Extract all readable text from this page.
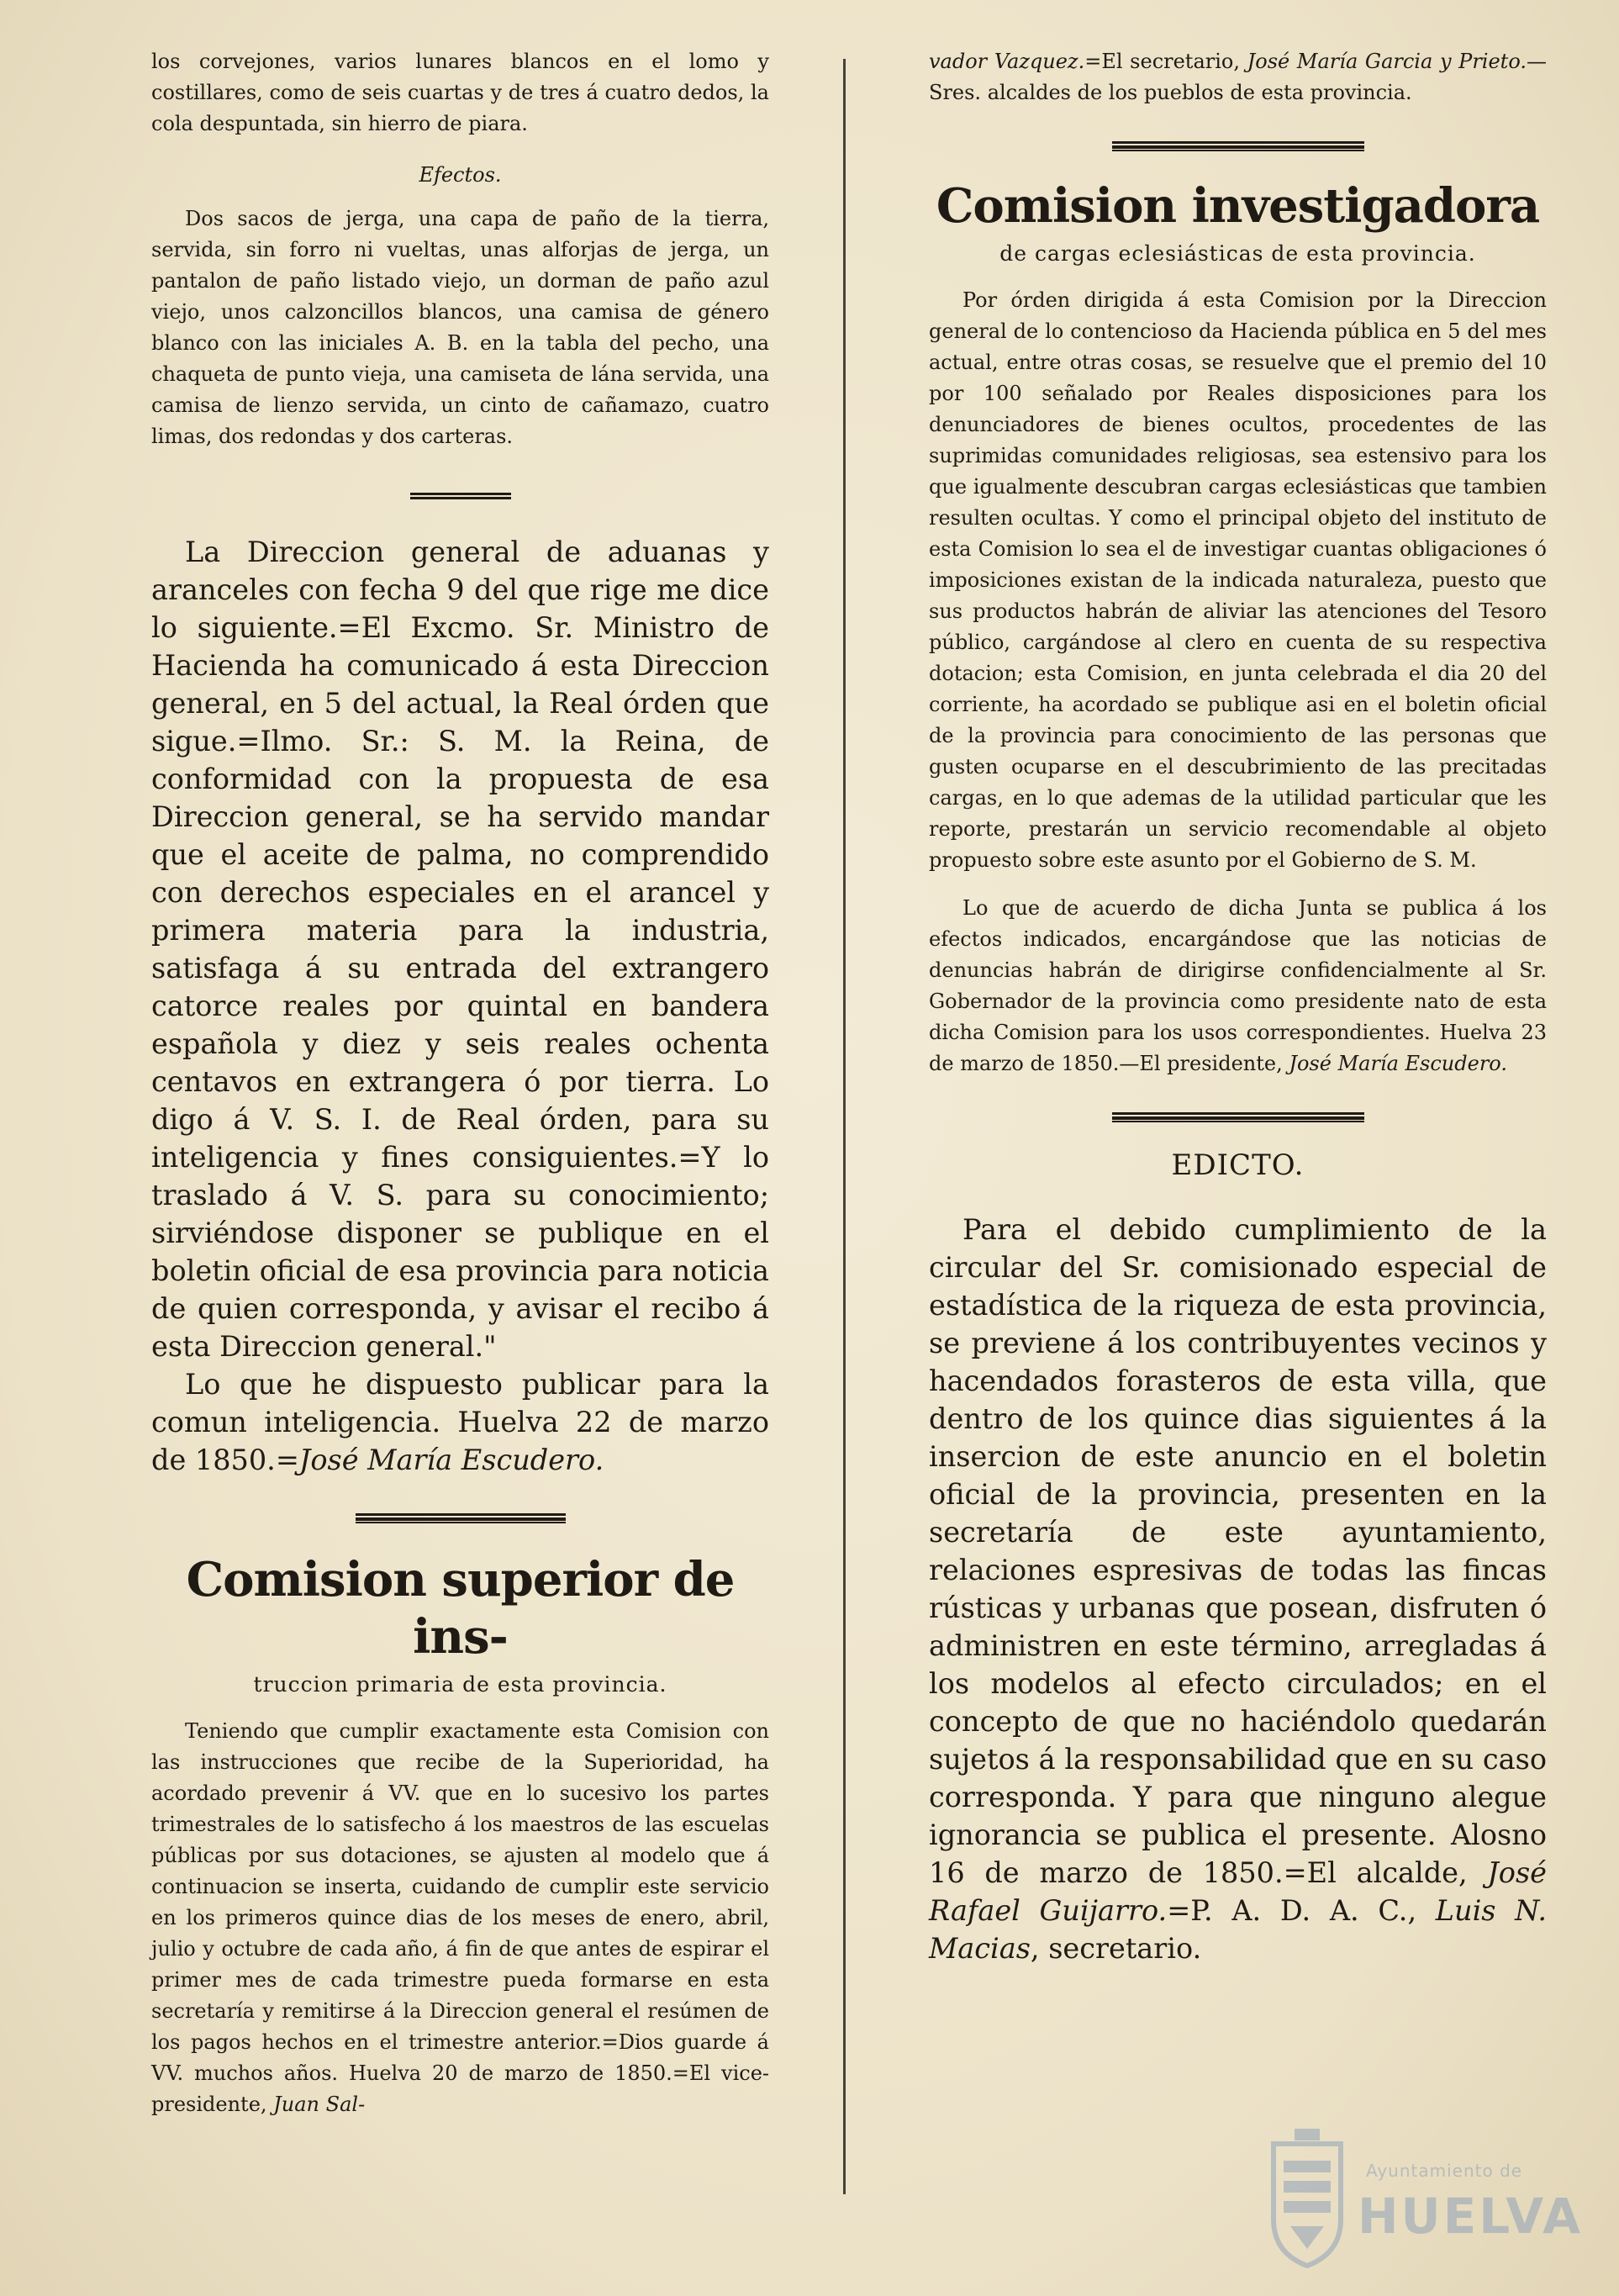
los corvejones, varios lunares blancos en el lomo y costillares, como de seis cuartas y de tres á cuatro dedos, la cola despuntada, sin hierro de piara.

Efectos.

Dos sacos de jerga, una capa de paño de la tierra, servida, sin forro ni vueltas, unas alforjas de jerga, un pantalon de paño listado viejo, un dorman de paño azul viejo, unos calzoncillos blancos, una camisa de género blanco con las iniciales A. B. en la tabla del pecho, una chaqueta de punto vieja, una camiseta de lána servida, una camisa de lienzo servida, un cinto de cañamazo, cuatro limas, dos redondas y dos carteras.

La Direccion general de aduanas y aranceles con fecha 9 del que rige me dice lo siguiente.=El Excmo. Sr. Ministro de Hacienda ha comunicado á esta Direccion general, en 5 del actual, la Real órden que sigue.=Ilmo. Sr.: S. M. la Reina, de conformidad con la propuesta de esa Direccion general, se ha servido mandar que el aceite de palma, no comprendido con derechos especiales en el arancel y primera materia para la industria, satisfaga á su entrada del extrangero catorce reales por quintal en bandera española y diez y seis reales ochenta centavos en extrangera ó por tierra. Lo digo á V. S. I. de Real órden, para su inteligencia y fines consiguientes.=Y lo traslado á V. S. para su conocimiento; sirviéndose disponer se publique en el boletin oficial de esa provincia para noticia de quien corresponda, y avisar el recibo á esta Direccion general."

Lo que he dispuesto publicar para la comun inteligencia. Huelva 22 de marzo de 1850.=José María Escudero.

Comision superior de ins-
truccion primaria de esta provincia.

Teniendo que cumplir exactamente esta Comision con las instrucciones que recibe de la Superioridad, ha acordado prevenir á VV. que en lo sucesivo los partes trimestrales de lo satisfecho á los maestros de las escuelas públicas por sus dotaciones, se ajusten al modelo que á continuacion se inserta, cuidando de cumplir este servicio en los primeros quince dias de los meses de enero, abril, julio y octubre de cada año, á fin de que antes de espirar el primer mes de cada trimestre pueda formarse en esta secretaría y remitirse á la Direccion general el resúmen de los pagos hechos en el trimestre anterior.=Dios guarde á VV. muchos años. Huelva 20 de marzo de 1850.=El vice-presidente, Juan Sal-

vador Vazquez.=El secretario, José María Garcia y Prieto.—Sres. alcaldes de los pueblos de esta provincia.

Comision investigadora
de cargas eclesiásticas de esta provincia.

Por órden dirigida á esta Comision por la Direccion general de lo contencioso da Hacienda pública en 5 del mes actual, entre otras cosas, se resuelve que el premio del 10 por 100 señalado por Reales disposiciones para los denunciadores de bienes ocultos, procedentes de las suprimidas comunidades religiosas, sea estensivo para los que igualmente descubran cargas eclesiásticas que tambien resulten ocultas. Y como el principal objeto del instituto de esta Comision lo sea el de investigar cuantas obligaciones ó imposiciones existan de la indicada naturaleza, puesto que sus productos habrán de aliviar las atenciones del Tesoro público, cargándose al clero en cuenta de su respectiva dotacion; esta Comision, en junta celebrada el dia 20 del corriente, ha acordado se publique asi en el boletin oficial de la provincia para conocimiento de las personas que gusten ocuparse en el descubrimiento de las precitadas cargas, en lo que ademas de la utilidad particular que les reporte, prestarán un servicio recomendable al objeto propuesto sobre este asunto por el Gobierno de S. M.

Lo que de acuerdo de dicha Junta se publica á los efectos indicados, encargándose que las noticias de denuncias habrán de dirigirse confidencialmente al Sr. Gobernador de la provincia como presidente nato de esta dicha Comision para los usos correspondientes. Huelva 23 de marzo de 1850.—El presidente, José María Escudero.

EDICTO.

Para el debido cumplimiento de la circular del Sr. comisionado especial de estadística de la riqueza de esta provincia, se previene á los contribuyentes vecinos y hacendados forasteros de esta villa, que dentro de los quince dias siguientes á la insercion de este anuncio en el boletin oficial de la provincia, presenten en la secretaría de este ayuntamiento, relaciones espresivas de todas las fincas rústicas y urbanas que posean, disfruten ó administren en este término, arregladas á los modelos al efecto circulados; en el concepto de que no haciéndolo quedarán sujetos á la responsabilidad que en su caso corresponda. Y para que ninguno alegue ignorancia se publica el presente. Alosno 16 de marzo de 1850.=El alcalde, José Rafael Guijarro.=P. A. D. A. C., Luis N. Macias, secretario.

Ayuntamiento de
HUELVA
